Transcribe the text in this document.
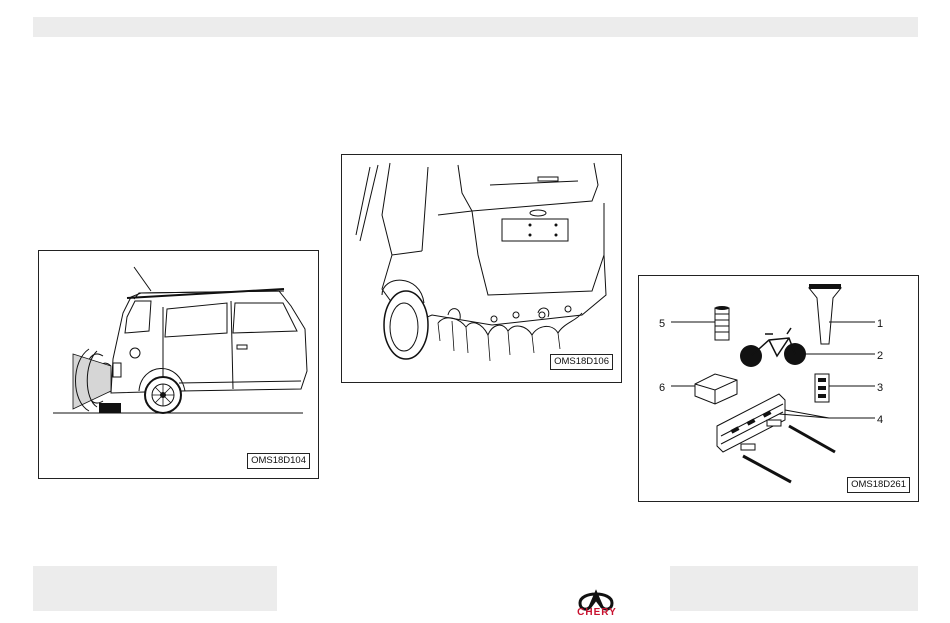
OMS18D104
OMS18D106
1
2
3
4
5
6
OMS18D261
CHERY
